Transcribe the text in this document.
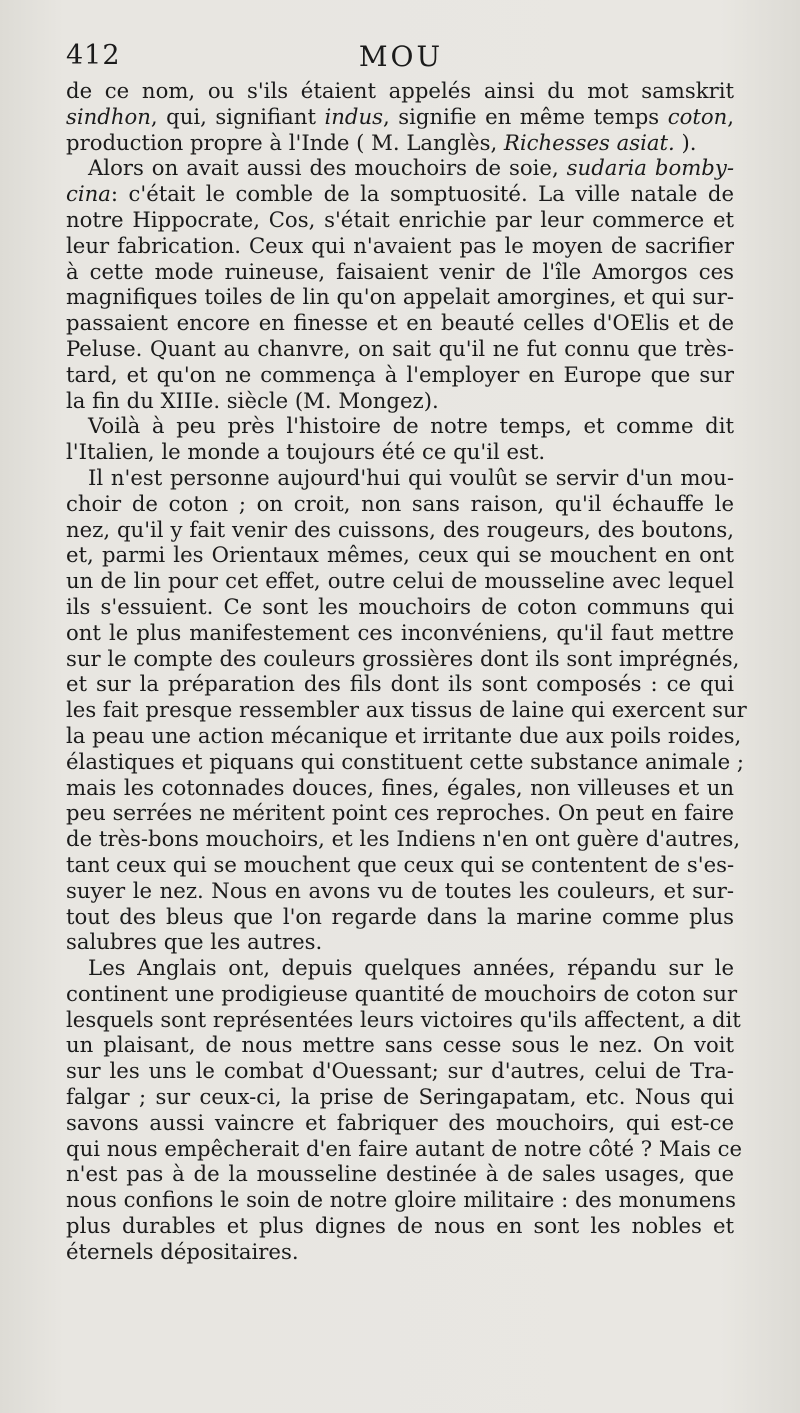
412	MOU
de ce nom, ou s'ils étaient appelés ainsi du mot samskrit
sindhon, qui, signifiant indus, signifie en même temps coton,
production propre à l'Inde ( M. Langlès, Richesses asiat. ).
Alors on avait aussi des mouchoirs de soie, sudaria bomby-
cina: c'était le comble de la somptuosité. La ville natale de
notre Hippocrate, Cos, s'était enrichie par leur commerce et
leur fabrication. Ceux qui n'avaient pas le moyen de sacrifier
à cette mode ruineuse, faisaient venir de l'île Amorgos ces
magnifiques toiles de lin qu'on appelait amorgines, et qui sur-
passaient encore en finesse et en beauté celles d'OElis et de
Peluse. Quant au chanvre, on sait qu'il ne fut connu que très-
tard, et qu'on ne commença à l'employer en Europe que sur
la fin du XIIIe. siècle (M. Mongez).
Voilà à peu près l'histoire de notre temps, et comme dit
l'Italien, le monde a toujours été ce qu'il est.
Il n'est personne aujourd'hui qui voulût se servir d'un mou-
choir de coton ; on croit, non sans raison, qu'il échauffe le
nez, qu'il y fait venir des cuissons, des rougeurs, des boutons,
et, parmi les Orientaux mêmes, ceux qui se mouchent en ont
un de lin pour cet effet, outre celui de mousseline avec lequel
ils s'essuient. Ce sont les mouchoirs de coton communs qui
ont le plus manifestement ces inconvéniens, qu'il faut mettre
sur le compte des couleurs grossières dont ils sont imprégnés,
et sur la préparation des fils dont ils sont composés : ce qui
les fait presque ressembler aux tissus de laine qui exercent sur
la peau une action mécanique et irritante due aux poils roides,
élastiques et piquans qui constituent cette substance animale ;
mais les cotonnades douces, fines, égales, non villeuses et un
peu serrées ne méritent point ces reproches. On peut en faire
de très-bons mouchoirs, et les Indiens n'en ont guère d'autres,
tant ceux qui se mouchent que ceux qui se contentent de s'es-
suyer le nez. Nous en avons vu de toutes les couleurs, et sur-
tout des bleus que l'on regarde dans la marine comme plus
salubres que les autres.
Les Anglais ont, depuis quelques années, répandu sur le
continent une prodigieuse quantité de mouchoirs de coton sur
lesquels sont représentées leurs victoires qu'ils affectent, a dit
un plaisant, de nous mettre sans cesse sous le nez. On voit
sur les uns le combat d'Ouessant; sur d'autres, celui de Tra-
falgar ; sur ceux-ci, la prise de Seringapatam, etc. Nous qui
savons aussi vaincre et fabriquer des mouchoirs, qui est-ce
qui nous empêcherait d'en faire autant de notre côté ? Mais ce
n'est pas à de la mousseline destinée à de sales usages, que
nous confions le soin de notre gloire militaire : des monumens
plus durables et plus dignes de nous en sont les nobles et
éternels dépositaires.
